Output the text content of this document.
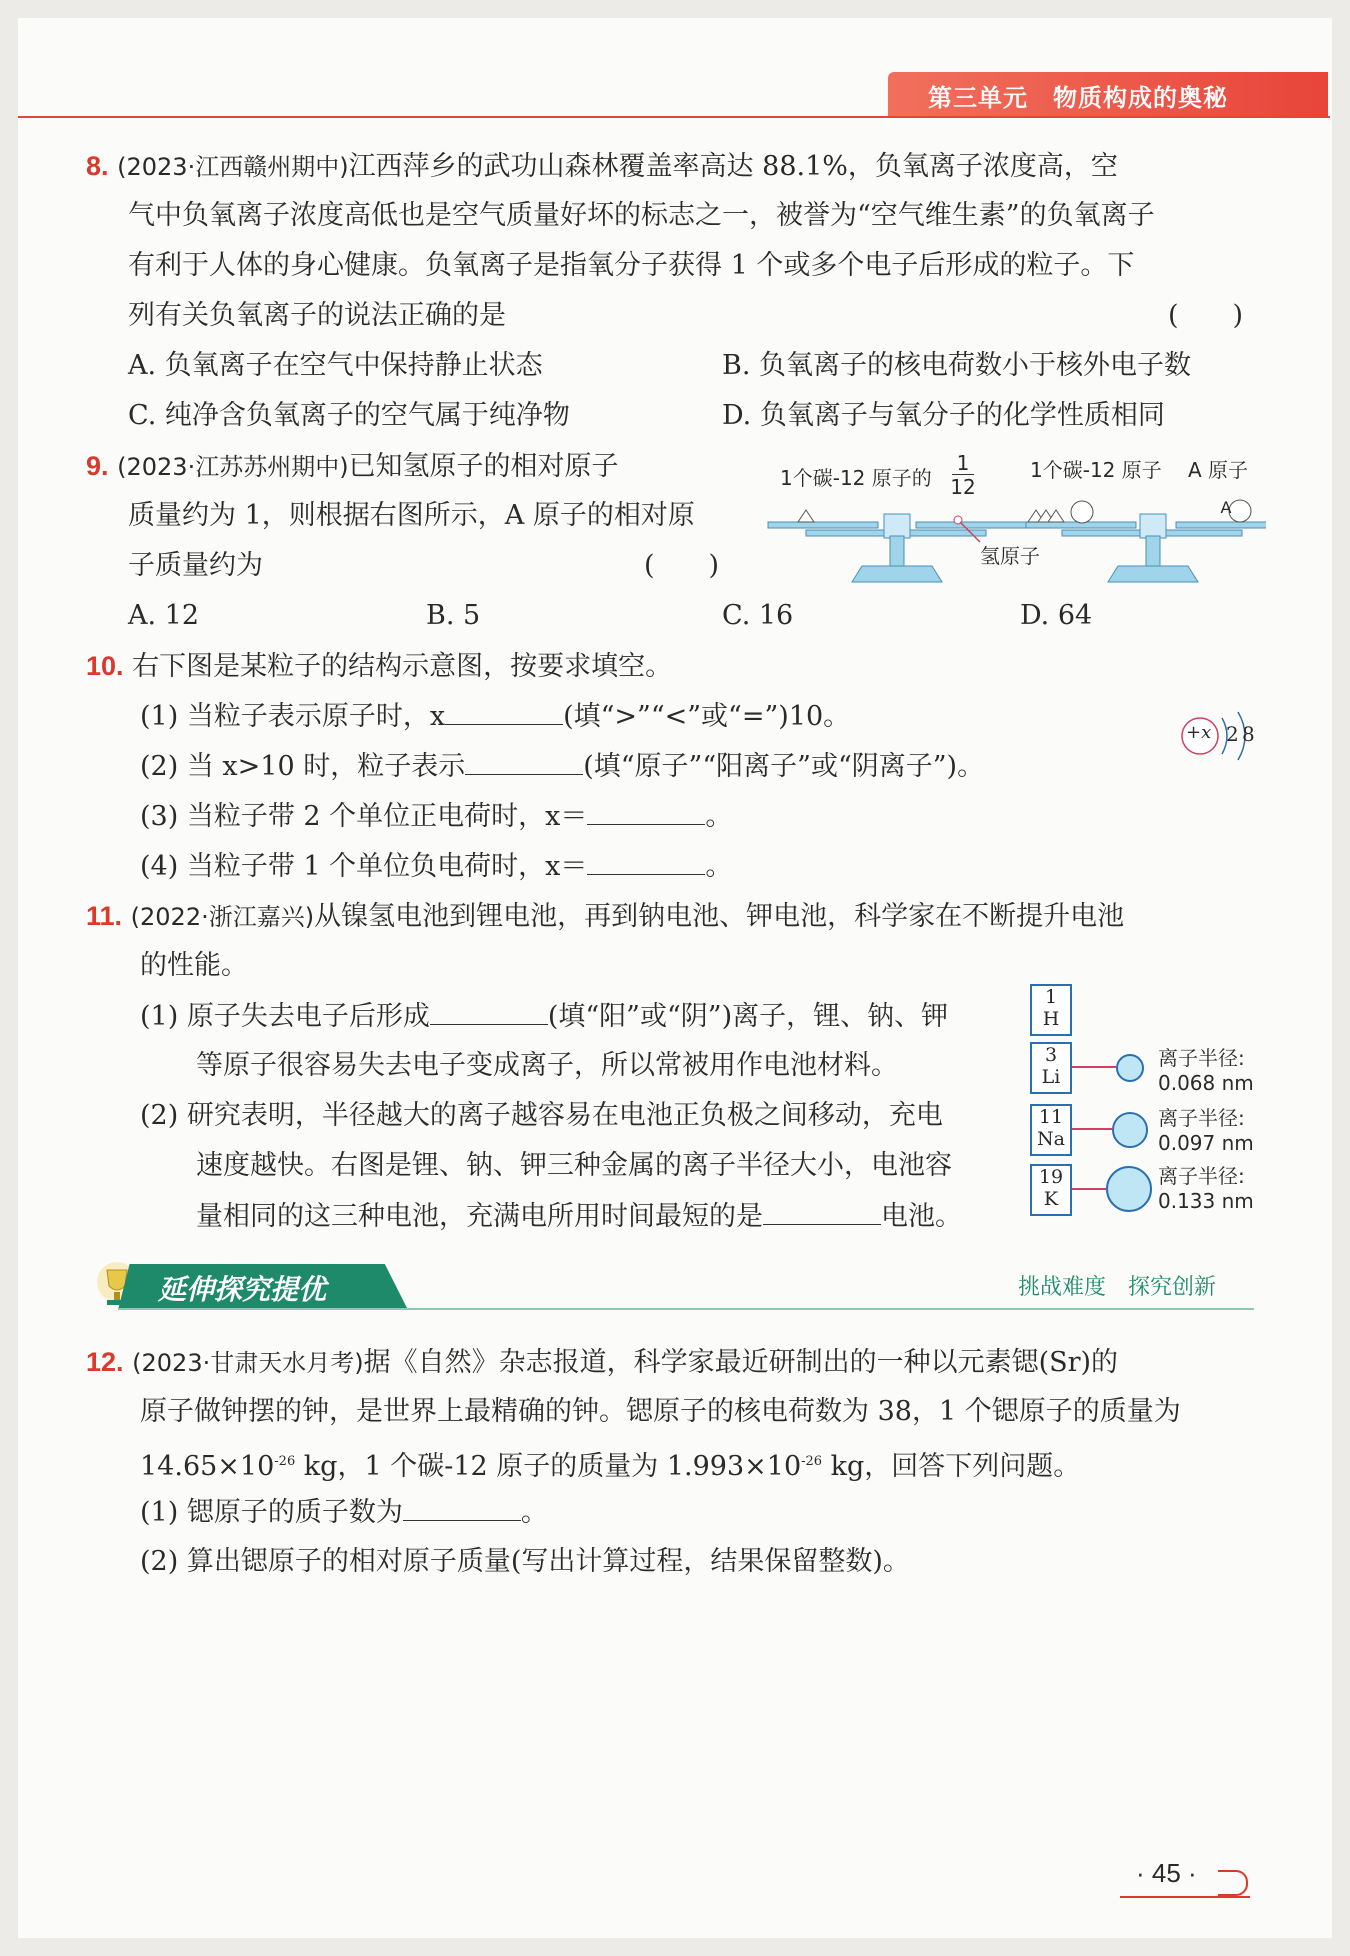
第三单元　物质构成的奥秘
8. (2023·江西赣州期中)江西萍乡的武功山森林覆盖率高达 88.1%，负氧离子浓度高，空
气中负氧离子浓度高低也是空气质量好坏的标志之一，被誉为“空气维生素”的负氧离子
有利于人体的身心健康。负氧离子是指氧分子获得 1 个或多个电子后形成的粒子。下
列有关负氧离子的说法正确的是	(　　)
A. 负氧离子在空气中保持静止状态	B. 负氧离子的核电荷数小于核外电子数
C. 纯净含负氧离子的空气属于纯净物	D. 负氧离子与氧分子的化学性质相同
9. (2023·江苏苏州期中)已知氢原子的相对原子
质量约为 1，则根据右图所示，A 原子的相对原
子质量约为	(　　)
1个碳-12 原子的
1
12
氢原子
1个碳-12 原子 A 原子
A
A. 12	B. 5	C. 16	D. 64
10. 右下图是某粒子的结构示意图，按要求填空。
(1) 当粒子表示原子时，x	(填“>”“<”或“=”)10。
(2) 当 x>10 时，粒子表示	(填“原子”“阳离子”或“阴离子”)。
(3) 当粒子带 2 个单位正电荷时，x＝	。
(4) 当粒子带 1 个单位负电荷时，x＝	。
+x 2 8
11. (2022·浙江嘉兴)从镍氢电池到锂电池，再到钠电池、钾电池，科学家在不断提升电池
的性能。
(1) 原子失去电子后形成	(填“阳”或“阴”)离子，锂、钠、钾
等原子很容易失去电子变成离子，所以常被用作电池材料。
(2) 研究表明，半径越大的离子越容易在电池正负极之间移动，充电
速度越快。右图是锂、钠、钾三种金属的离子半径大小，电池容
量相同的这三种电池，充满电所用时间最短的是	电池。
1
H
3
Li
11
Na
19
K
离子半径:
0.068 nm
离子半径:
0.097 nm
离子半径:
0.133 nm
延伸探究提优	挑战难度　探究创新
12. (2023·甘肃天水月考)据《自然》杂志报道，科学家最近研制出的一种以元素锶(Sr)的
原子做钟摆的钟，是世界上最精确的钟。锶原子的核电荷数为 38，1 个锶原子的质量为
$14.65\times 10^{-26}$ kg，1 个碳-12 原子的质量为 $1.993\times 10^{-26}$ kg，回答下列问题。
(1) 锶原子的质子数为	。
(2) 算出锶原子的相对原子质量(写出计算过程，结果保留整数)。
· 45 ·
